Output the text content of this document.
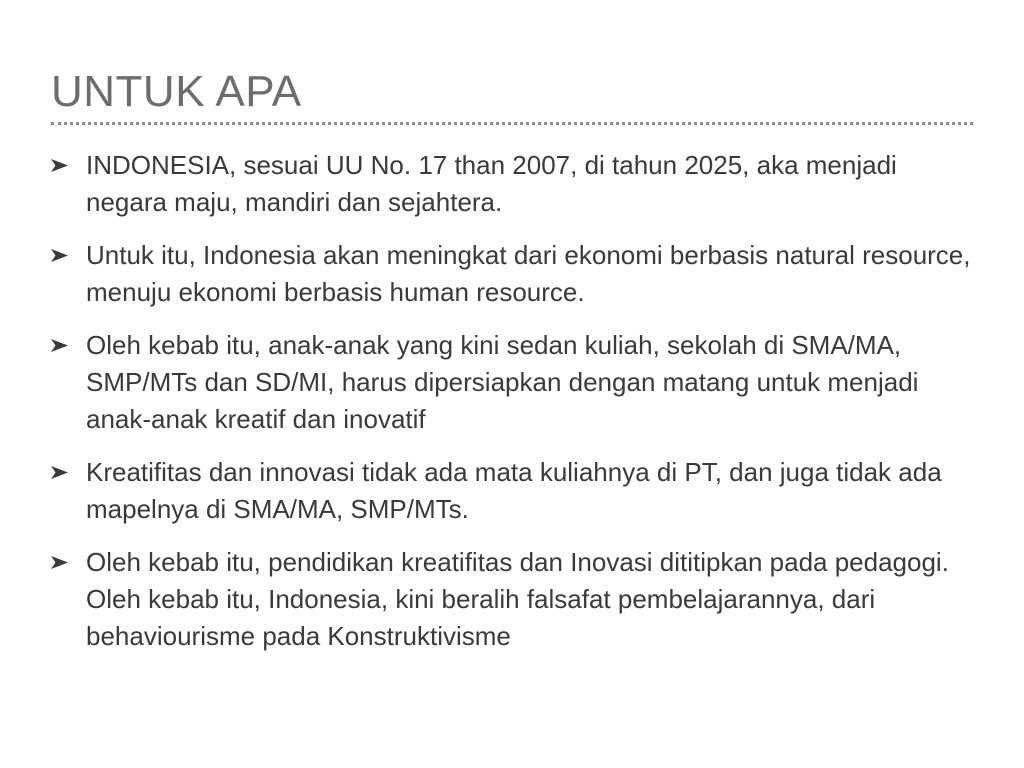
UNTUK APA
INDONESIA, sesuai UU No. 17 than 2007, di tahun 2025, aka menjadi negara maju, mandiri dan sejahtera.
Untuk itu, Indonesia akan meningkat dari ekonomi berbasis natural resource, menuju ekonomi berbasis human resource.
Oleh kebab itu, anak-anak yang kini sedan kuliah, sekolah di SMA/MA, SMP/MTs dan SD/MI, harus dipersiapkan dengan matang untuk menjadi anak-anak kreatif dan inovatif
Kreatifitas dan innovasi tidak ada mata kuliahnya di PT, dan juga tidak ada mapelnya di SMA/MA, SMP/MTs.
Oleh kebab itu, pendidikan kreatifitas dan Inovasi dititipkan pada pedagogi. Oleh kebab itu, Indonesia, kini beralih falsafat pembelajarannya, dari behaviourisme pada Konstruktivisme
